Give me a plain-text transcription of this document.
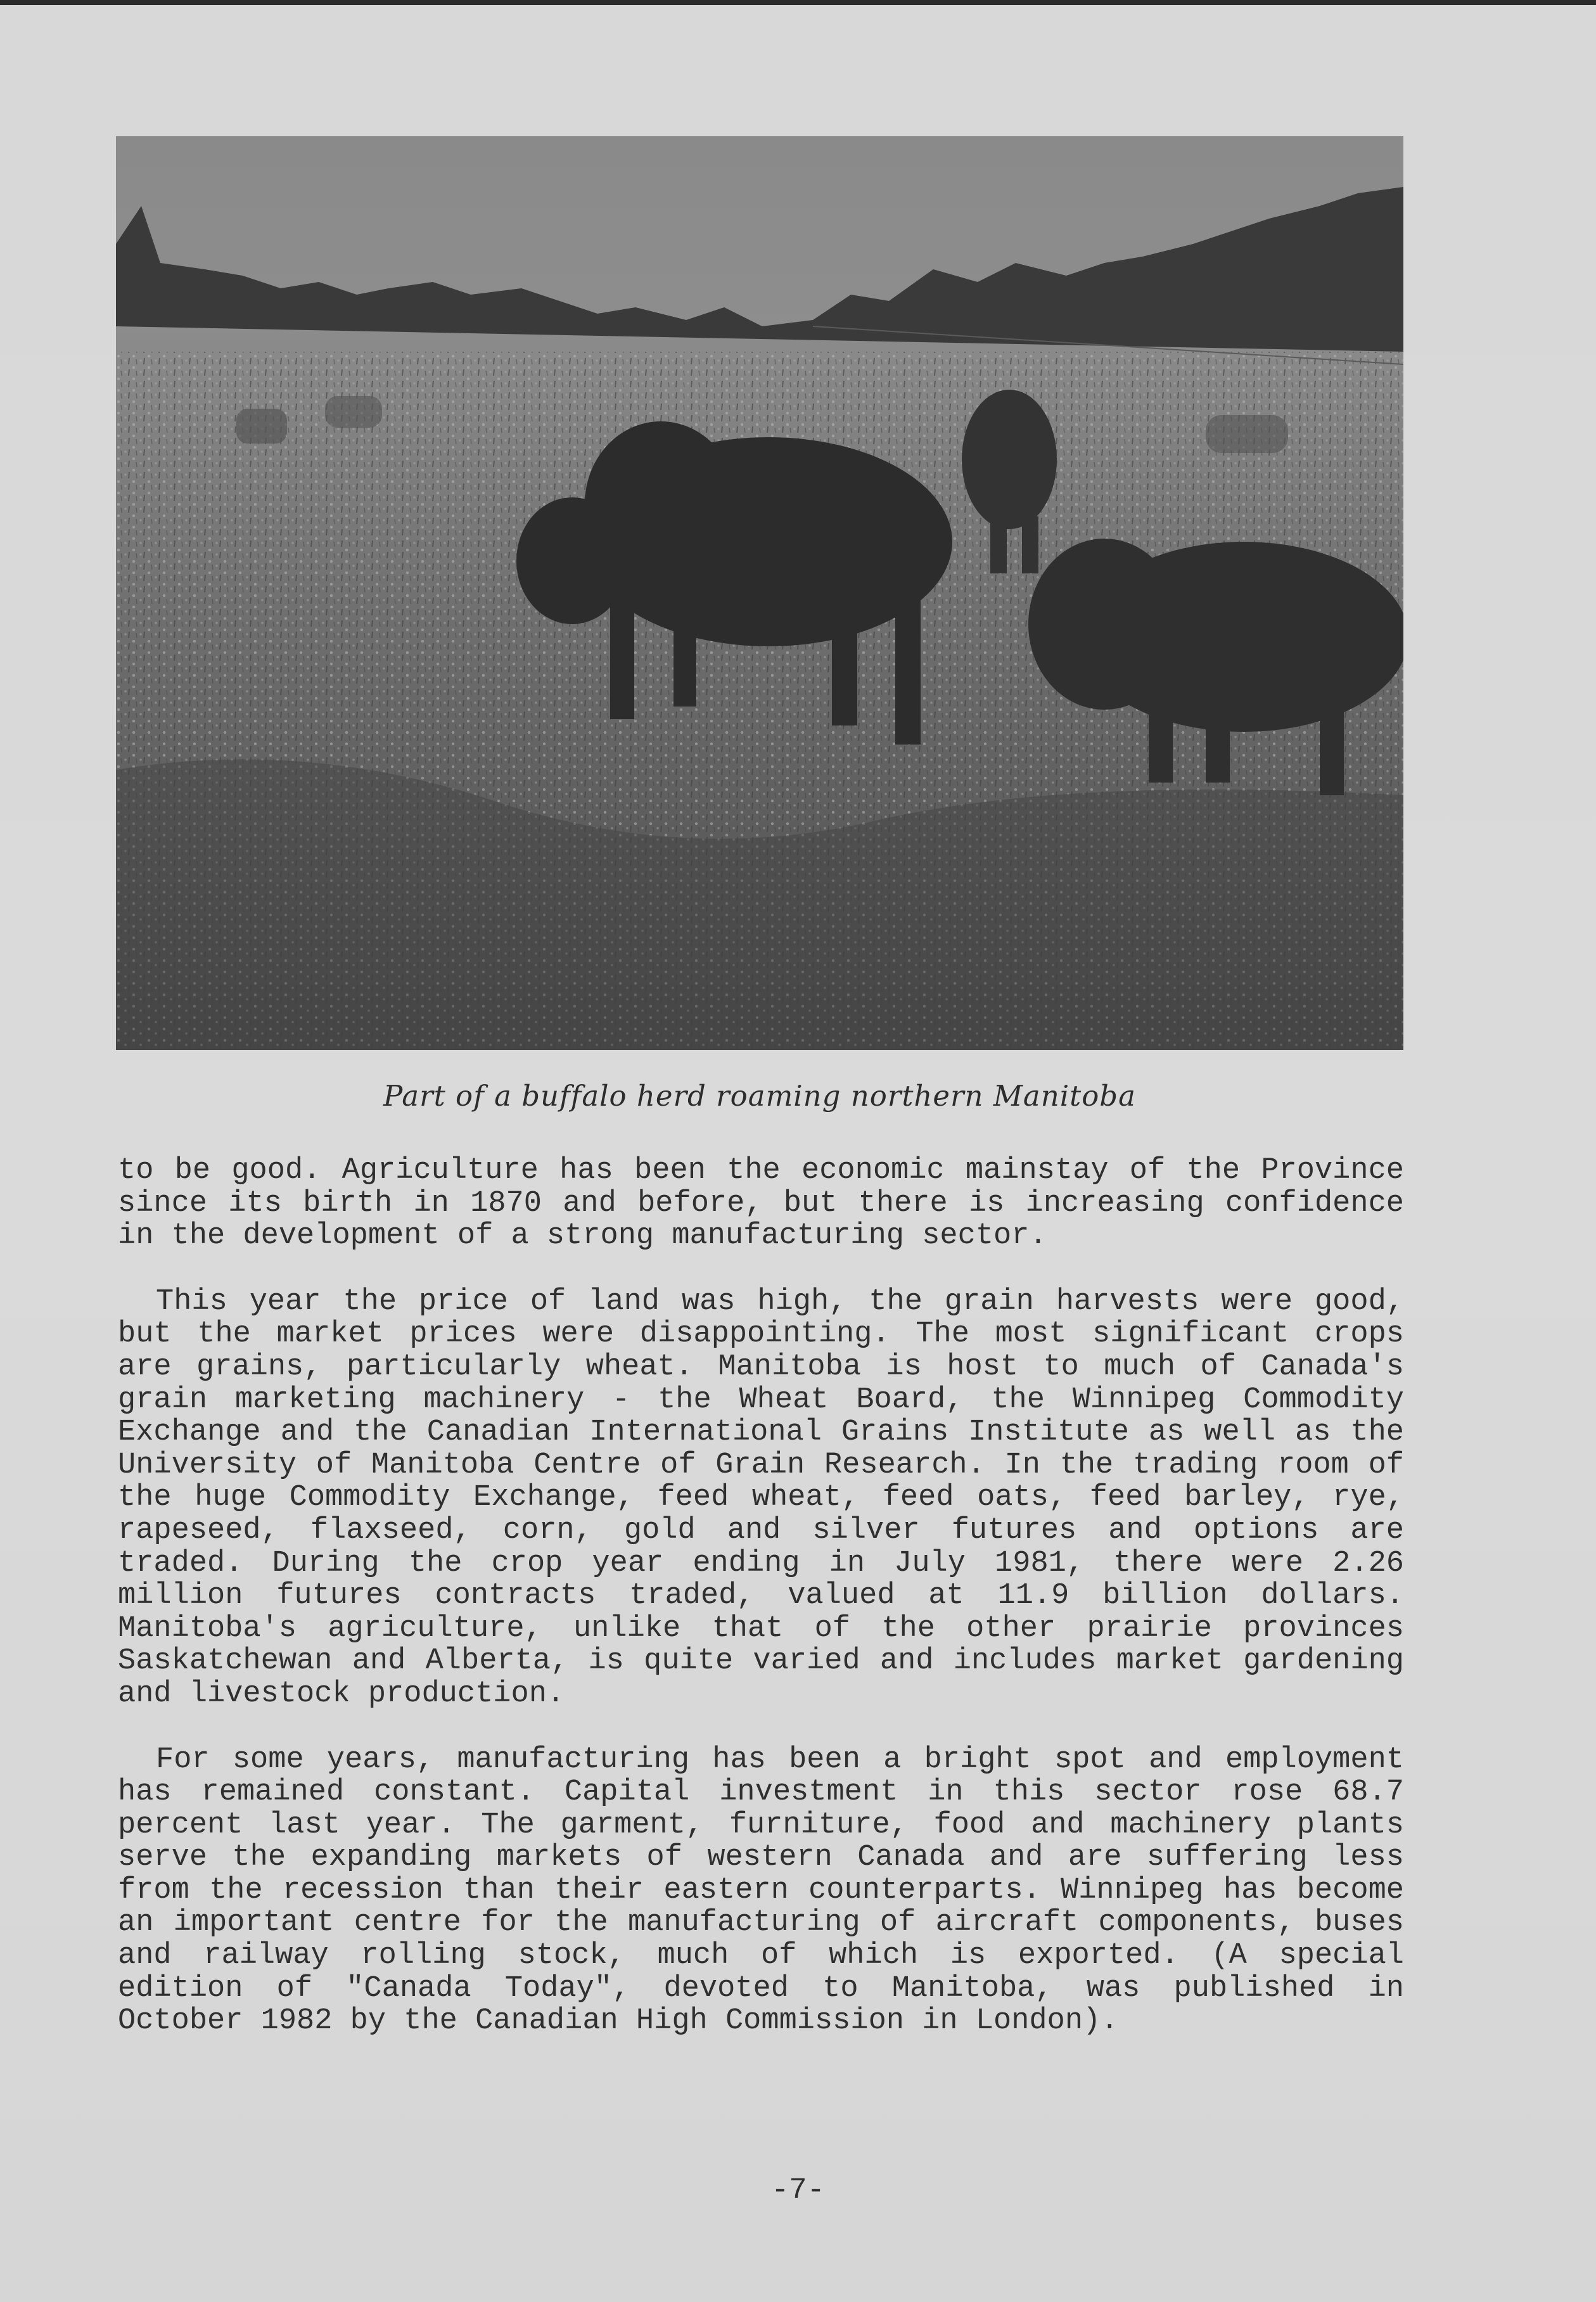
Part of a buffalo herd roaming northern Manitoba

to be good. Agriculture has been the economic mainstay of the Province since its birth in 1870 and before, but there is increasing confidence in the development of a strong manufacturing sector.

This year the price of land was high, the grain harvests were good, but the market prices were disappointing. The most significant crops are grains, particularly wheat. Manitoba is host to much of Canada's grain marketing machinery - the Wheat Board, the Winnipeg Commodity Exchange and the Canadian International Grains Institute as well as the University of Manitoba Centre of Grain Research. In the trading room of the huge Commodity Exchange, feed wheat, feed oats, feed barley, rye, rapeseed, flaxseed, corn, gold and silver futures and options are traded. During the crop year ending in July 1981, there were 2.26 million futures contracts traded, valued at 11.9 billion dollars. Manitoba's agriculture, unlike that of the other prairie provinces Saskatchewan and Alberta, is quite varied and includes market gardening and livestock production.

For some years, manufacturing has been a bright spot and employment has remained constant. Capital investment in this sector rose 68.7 percent last year. The garment, furniture, food and machinery plants serve the expanding markets of western Canada and are suffering less from the recession than their eastern counterparts. Winnipeg has become an important centre for the manufacturing of aircraft components, buses and railway rolling stock, much of which is exported. (A special edition of "Canada Today", devoted to Manitoba, was published in October 1982 by the Canadian High Commission in London).

-7-
